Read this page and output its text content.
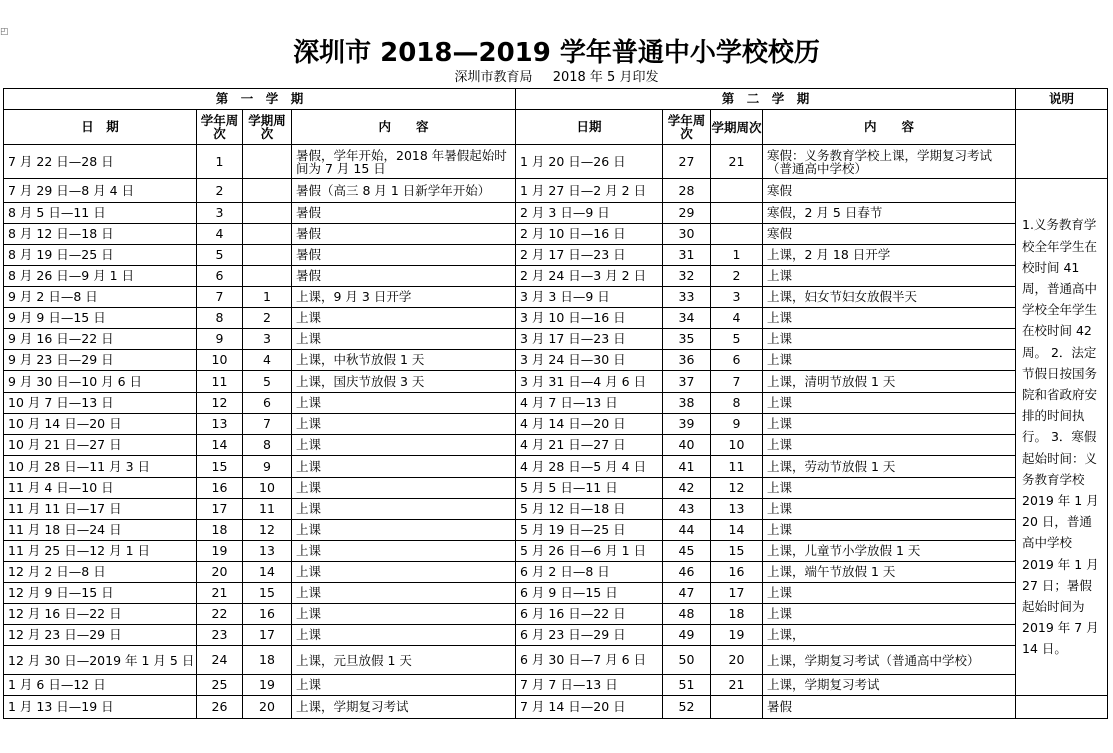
◰
深圳市 2018—2019 学年普通中小学校校历
深圳市教育局 2018 年 5 月印发
第　一　学　期				第　二　学　期				说明
日　期	学年周次	学期周次	内　　容	日期	学年周次	学期周次	内　　容	
7 月 22 日—28 日	1		暑假，学年开始，2018 年暑假起始时间为 7 月 15 日	1 月 20 日—26 日	27	21	寒假：义务教育学校上课，学期复习考试（普通高中学校）	
7 月 29 日—8 月 4 日	2		暑假（高三 8 月 1 日新学年开始）	1 月 27 日—2 月 2 日	28		寒假	1.义务教育学校全年学生在校时间 41 周，普通高中学校全年学生在校时间 42 周。 2．法定节假日按国务院和省政府安排的时间执行。 3．寒假起始时间：义务教育学校 2019 年 1 月 20 日，普通高中学校 2019 年 1 月 27 日；暑假起始时间为 2019 年 7 月 14 日。
8 月 5 日—11 日	3		暑假	2 月 3 日—9 日	29		寒假，2 月 5 日春节	
8 月 12 日—18 日	4		暑假	2 月 10 日—16 日	30		寒假	
8 月 19 日—25 日	5		暑假	2 月 17 日—23 日	31	1	上课，2 月 18 日开学	
8 月 26 日—9 月 1 日	6		暑假	2 月 24 日—3 月 2 日	32	2	上课	
9 月 2 日—8 日	7	1	上课，9 月 3 日开学	3 月 3 日—9 日	33	3	上课，妇女节妇女放假半天	
9 月 9 日—15 日	8	2	上课	3 月 10 日—16 日	34	4	上课	
9 月 16 日—22 日	9	3	上课	3 月 17 日—23 日	35	5	上课	
9 月 23 日—29 日	10	4	上课，中秋节放假 1 天	3 月 24 日—30 日	36	6	上课	
9 月 30 日—10 月 6 日	11	5	上课，国庆节放假 3 天	3 月 31 日—4 月 6 日	37	7	上课，清明节放假 1 天	
10 月 7 日—13 日	12	6	上课	4 月 7 日—13 日	38	8	上课	
10 月 14 日—20 日	13	7	上课	4 月 14 日—20 日	39	9	上课	
10 月 21 日—27 日	14	8	上课	4 月 21 日—27 日	40	10	上课	
10 月 28 日—11 月 3 日	15	9	上课	4 月 28 日—5 月 4 日	41	11	上课，劳动节放假 1 天	
11 月 4 日—10 日	16	10	上课	5 月 5 日—11 日	42	12	上课	
11 月 11 日—17 日	17	11	上课	5 月 12 日—18 日	43	13	上课	
11 月 18 日—24 日	18	12	上课	5 月 19 日—25 日	44	14	上课	
11 月 25 日—12 月 1 日	19	13	上课	5 月 26 日—6 月 1 日	45	15	上课，儿童节小学放假 1 天	
12 月 2 日—8 日	20	14	上课	6 月 2 日—8 日	46	16	上课，端午节放假 1 天	
12 月 9 日—15 日	21	15	上课	6 月 9 日—15 日	47	17	上课	
12 月 16 日—22 日	22	16	上课	6 月 16 日—22 日	48	18	上课	
12 月 23 日—29 日	23	17	上课	6 月 23 日—29 日	49	19	上课，	
12 月 30 日—2019 年 1 月 5 日	24	18	上课，元旦放假 1 天	6 月 30 日—7 月 6 日	50	20	上课，学期复习考试（普通高中学校）	
1 月 6 日—12 日	25	19	上课	7 月 7 日—13 日	51	21	上课，学期复习考试	
1 月 13 日—19 日	26	20	上课，学期复习考试	7 月 14 日—20 日	52		暑假	
